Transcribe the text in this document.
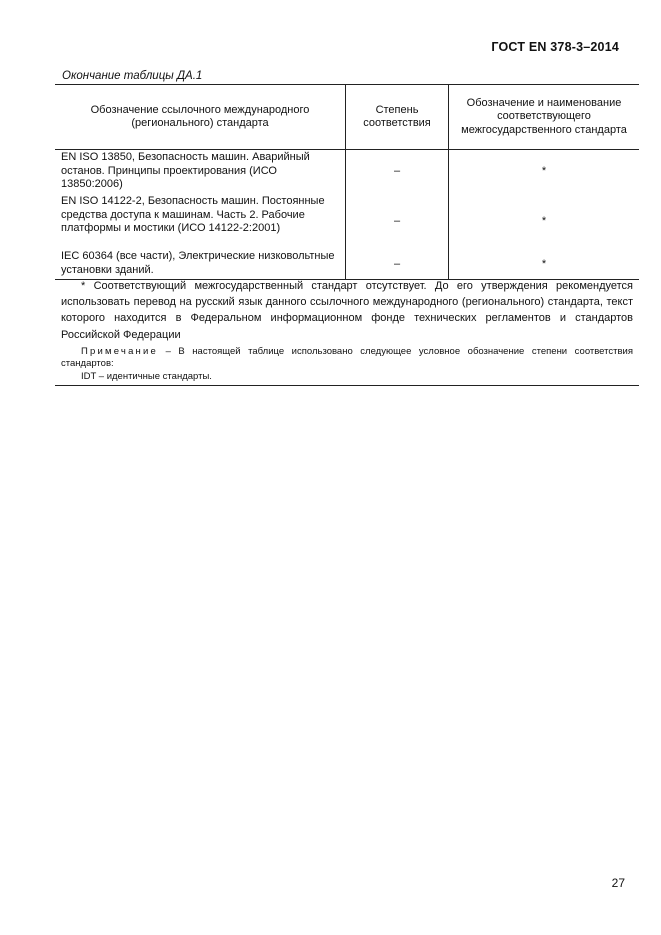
ГОСТ EN 378-3–2014
Окончание таблицы ДА.1
Обозначение ссылочного международного (регионального) стандарта	Степень соответствия	Обозначение и наименование соответствующего межгосударственного стандарта
EN ISO 13850, Безопасность машин. Аварийный останов. Принципы проектирования (ИСО 13850:2006)	–	*
EN ISO 14122-2, Безопасность машин. Постоянные средства доступа к машинам. Часть 2. Рабочие платформы и мостики (ИСО 14122-2:2001)	–	*
IEC 60364 (все части), Электрические низковольтные установки зданий.	–	*

* Соответствующий межгосударственный стандарт отсутствует. До его утверждения рекомендуется использовать перевод на русский язык данного ссылочного международного (регионального) стандарта, текст которого находится в Федеральном информационном фонде технических регламентов и стандартов Российской Федерации

Примечание – В настоящей таблице использовано следующее условное обозначение степени соответствия стандартов:

IDT – идентичные стандарты.

27
